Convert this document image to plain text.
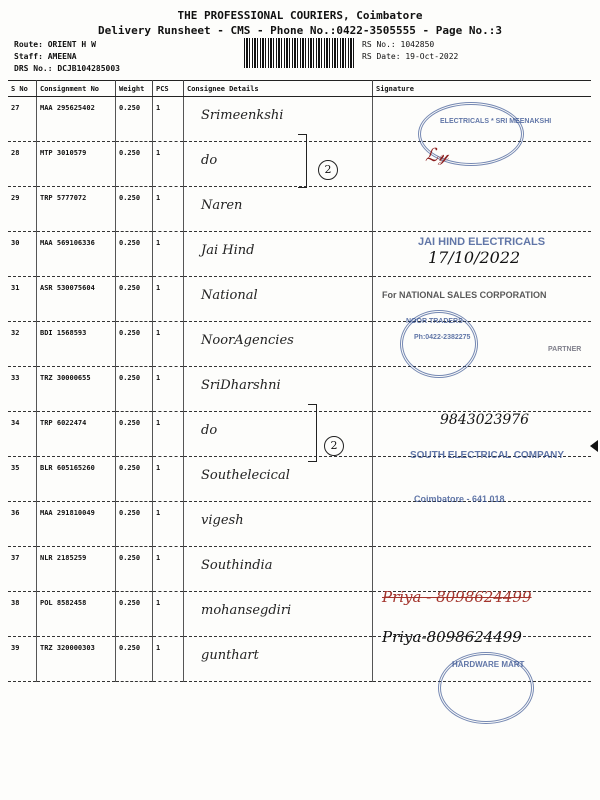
THE PROFESSIONAL COURIERS, Coimbatore
Delivery Runsheet - CMS - Phone No.:0422-3505555 - Page No.:3
Route: ORIENT H W
Staff: AMEENA
DRS No.: DCJB104285003
RS No.: 1042850
RS Date: 19-Oct-2022
S No	Consignment No	Weight	PCS	Consignee Details	Signature
27	MAA 295625402	0.250	1	Srimeenkshi	

28	MTP 3010579	0.250	1	do	

29	TRP 5777072	0.250	1	Naren	

30	MAA 569106336	0.250	1	Jai Hind	

31	ASR 530075604	0.250	1	National	

32	BDI 1568593	0.250	1	NoorAgencies	

33	TRZ 30000655	0.250	1	SriDharshni	

34	TRP 6022474	0.250	1	do	

35	BLR 605165260	0.250	1	Southelecical	

36	MAA 291810049	0.250	1	vigesh	

37	NLR 2185259	0.250	1	Southindia	

38	POL 8582458	0.250	1	mohansegdiri	

39	TRZ 320000303	0.250	1	gunthart	

2
2
ELECTRICALS * SRI MEENAKSHI
ℒ𝓎
JAI HIND ELECTRICALS
17/10/2022
For NATIONAL SALES CORPORATION
NOOR TRADERS
Ph:0422-2382275
PARTNER
9843023976
SOUTH ELECTRICAL COMPANY
Coimbatore - 641 018
Priya - 8098624499
Priya-8098624499
HARDWARE MART
